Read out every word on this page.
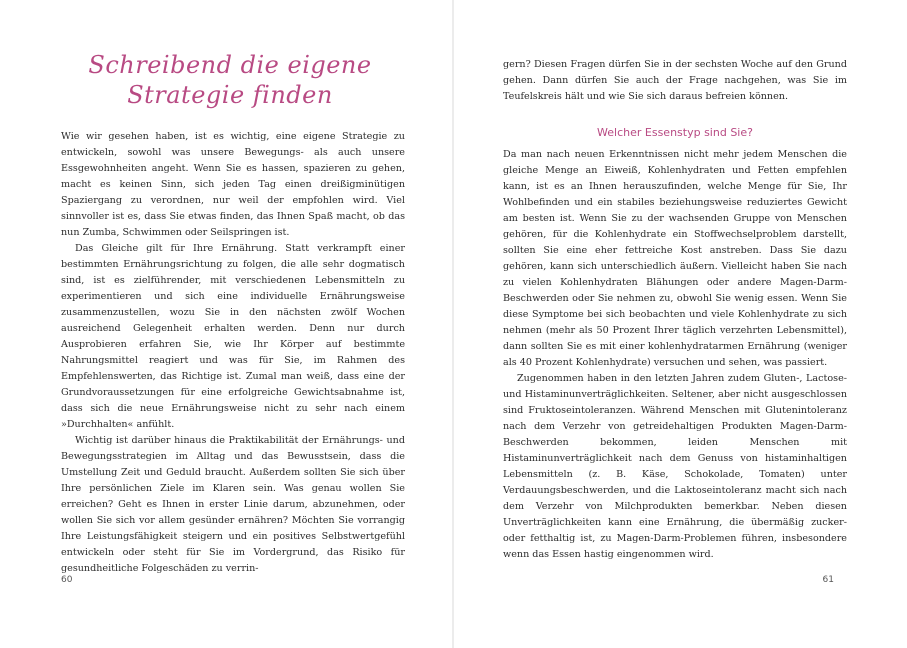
Schreibend die eigene
Strategie finden

Wie wir gesehen haben, ist es wichtig, eine eigene Strategie zu entwickeln, sowohl was unsere Bewegungs- als auch unsere Essgewohnheiten angeht. Wenn Sie es hassen, spazieren zu gehen, macht es keinen Sinn, sich jeden Tag einen dreißigminütigen Spaziergang zu verordnen, nur weil der empfohlen wird. Viel sinnvoller ist es, dass Sie etwas finden, das Ihnen Spaß macht, ob das nun Zumba, Schwimmen oder Seilspringen ist.

Das Gleiche gilt für Ihre Ernährung. Statt verkrampft einer bestimmten Ernährungsrichtung zu folgen, die alle sehr dogmatisch sind, ist es zielführender, mit verschiedenen Lebensmitteln zu experimentieren und sich eine individuelle Ernährungsweise zusammenzustellen, wozu Sie in den nächsten zwölf Wochen ausreichend Gelegenheit erhalten werden. Denn nur durch Ausprobieren erfahren Sie, wie Ihr Körper auf bestimmte Nahrungsmittel reagiert und was für Sie, im Rahmen des Empfehlenswerten, das Richtige ist. Zumal man weiß, dass eine der Grundvoraussetzungen für eine erfolgreiche Gewichtsabnahme ist, dass sich die neue Ernährungsweise nicht zu sehr nach einem »Durchhalten« anfühlt.

Wichtig ist darüber hinaus die Praktikabilität der Ernährungs- und Bewegungsstrategien im Alltag und das Bewusstsein, dass die Umstellung Zeit und Geduld braucht. Außerdem sollten Sie sich über Ihre persönlichen Ziele im Klaren sein. Was genau wollen Sie erreichen? Geht es Ihnen in erster Linie darum, abzunehmen, oder wollen Sie sich vor allem gesünder ernähren? Möchten Sie vorrangig Ihre Leistungsfähigkeit steigern und ein positives Selbstwertgefühl entwickeln oder steht für Sie im Vordergrund, das Risiko für gesundheitliche Folgeschäden zu verrin-

60

gern? Diesen Fragen dürfen Sie in der sechsten Woche auf den Grund gehen. Dann dürfen Sie auch der Frage nachgehen, was Sie im Teufelskreis hält und wie Sie sich daraus befreien können.

Welcher Essenstyp sind Sie?

Da man nach neuen Erkenntnissen nicht mehr jedem Menschen die gleiche Menge an Eiweiß, Kohlenhydraten und Fetten empfehlen kann, ist es an Ihnen herauszufinden, welche Menge für Sie, Ihr Wohlbefinden und ein stabiles beziehungsweise reduziertes Gewicht am besten ist. Wenn Sie zu der wachsenden Gruppe von Menschen gehören, für die Kohlenhydrate ein Stoffwechselproblem darstellt, sollten Sie eine eher fettreiche Kost anstreben. Dass Sie dazu gehören, kann sich unterschiedlich äußern. Vielleicht haben Sie nach zu vielen Kohlenhydraten Blähungen oder andere Magen-Darm-Beschwerden oder Sie nehmen zu, obwohl Sie wenig essen. Wenn Sie diese Symptome bei sich beobachten und viele Kohlenhydrate zu sich nehmen (mehr als 50 Prozent Ihrer täglich verzehrten Lebensmittel), dann sollten Sie es mit einer kohlenhydratarmen Ernährung (weniger als 40 Prozent Kohlenhydrate) versuchen und sehen, was passiert.

Zugenommen haben in den letzten Jahren zudem Gluten-, Lactose- und Histaminunverträglichkeiten. Seltener, aber nicht ausgeschlossen sind Fruktoseintoleranzen. Während Menschen mit Glutenintoleranz nach dem Verzehr von getreidehaltigen Produkten Magen-Darm-Beschwerden bekommen, leiden Menschen mit Histaminunverträglichkeit nach dem Genuss von histaminhaltigen Lebensmitteln (z. B. Käse, Schokolade, Tomaten) unter Verdauungsbeschwerden, und die Laktoseintoleranz macht sich nach dem Verzehr von Milchprodukten bemerkbar. Neben diesen Unverträglichkeiten kann eine Ernährung, die übermäßig zucker- oder fetthaltig ist, zu Magen-Darm-Problemen führen, insbesondere wenn das Essen hastig eingenommen wird.

61
